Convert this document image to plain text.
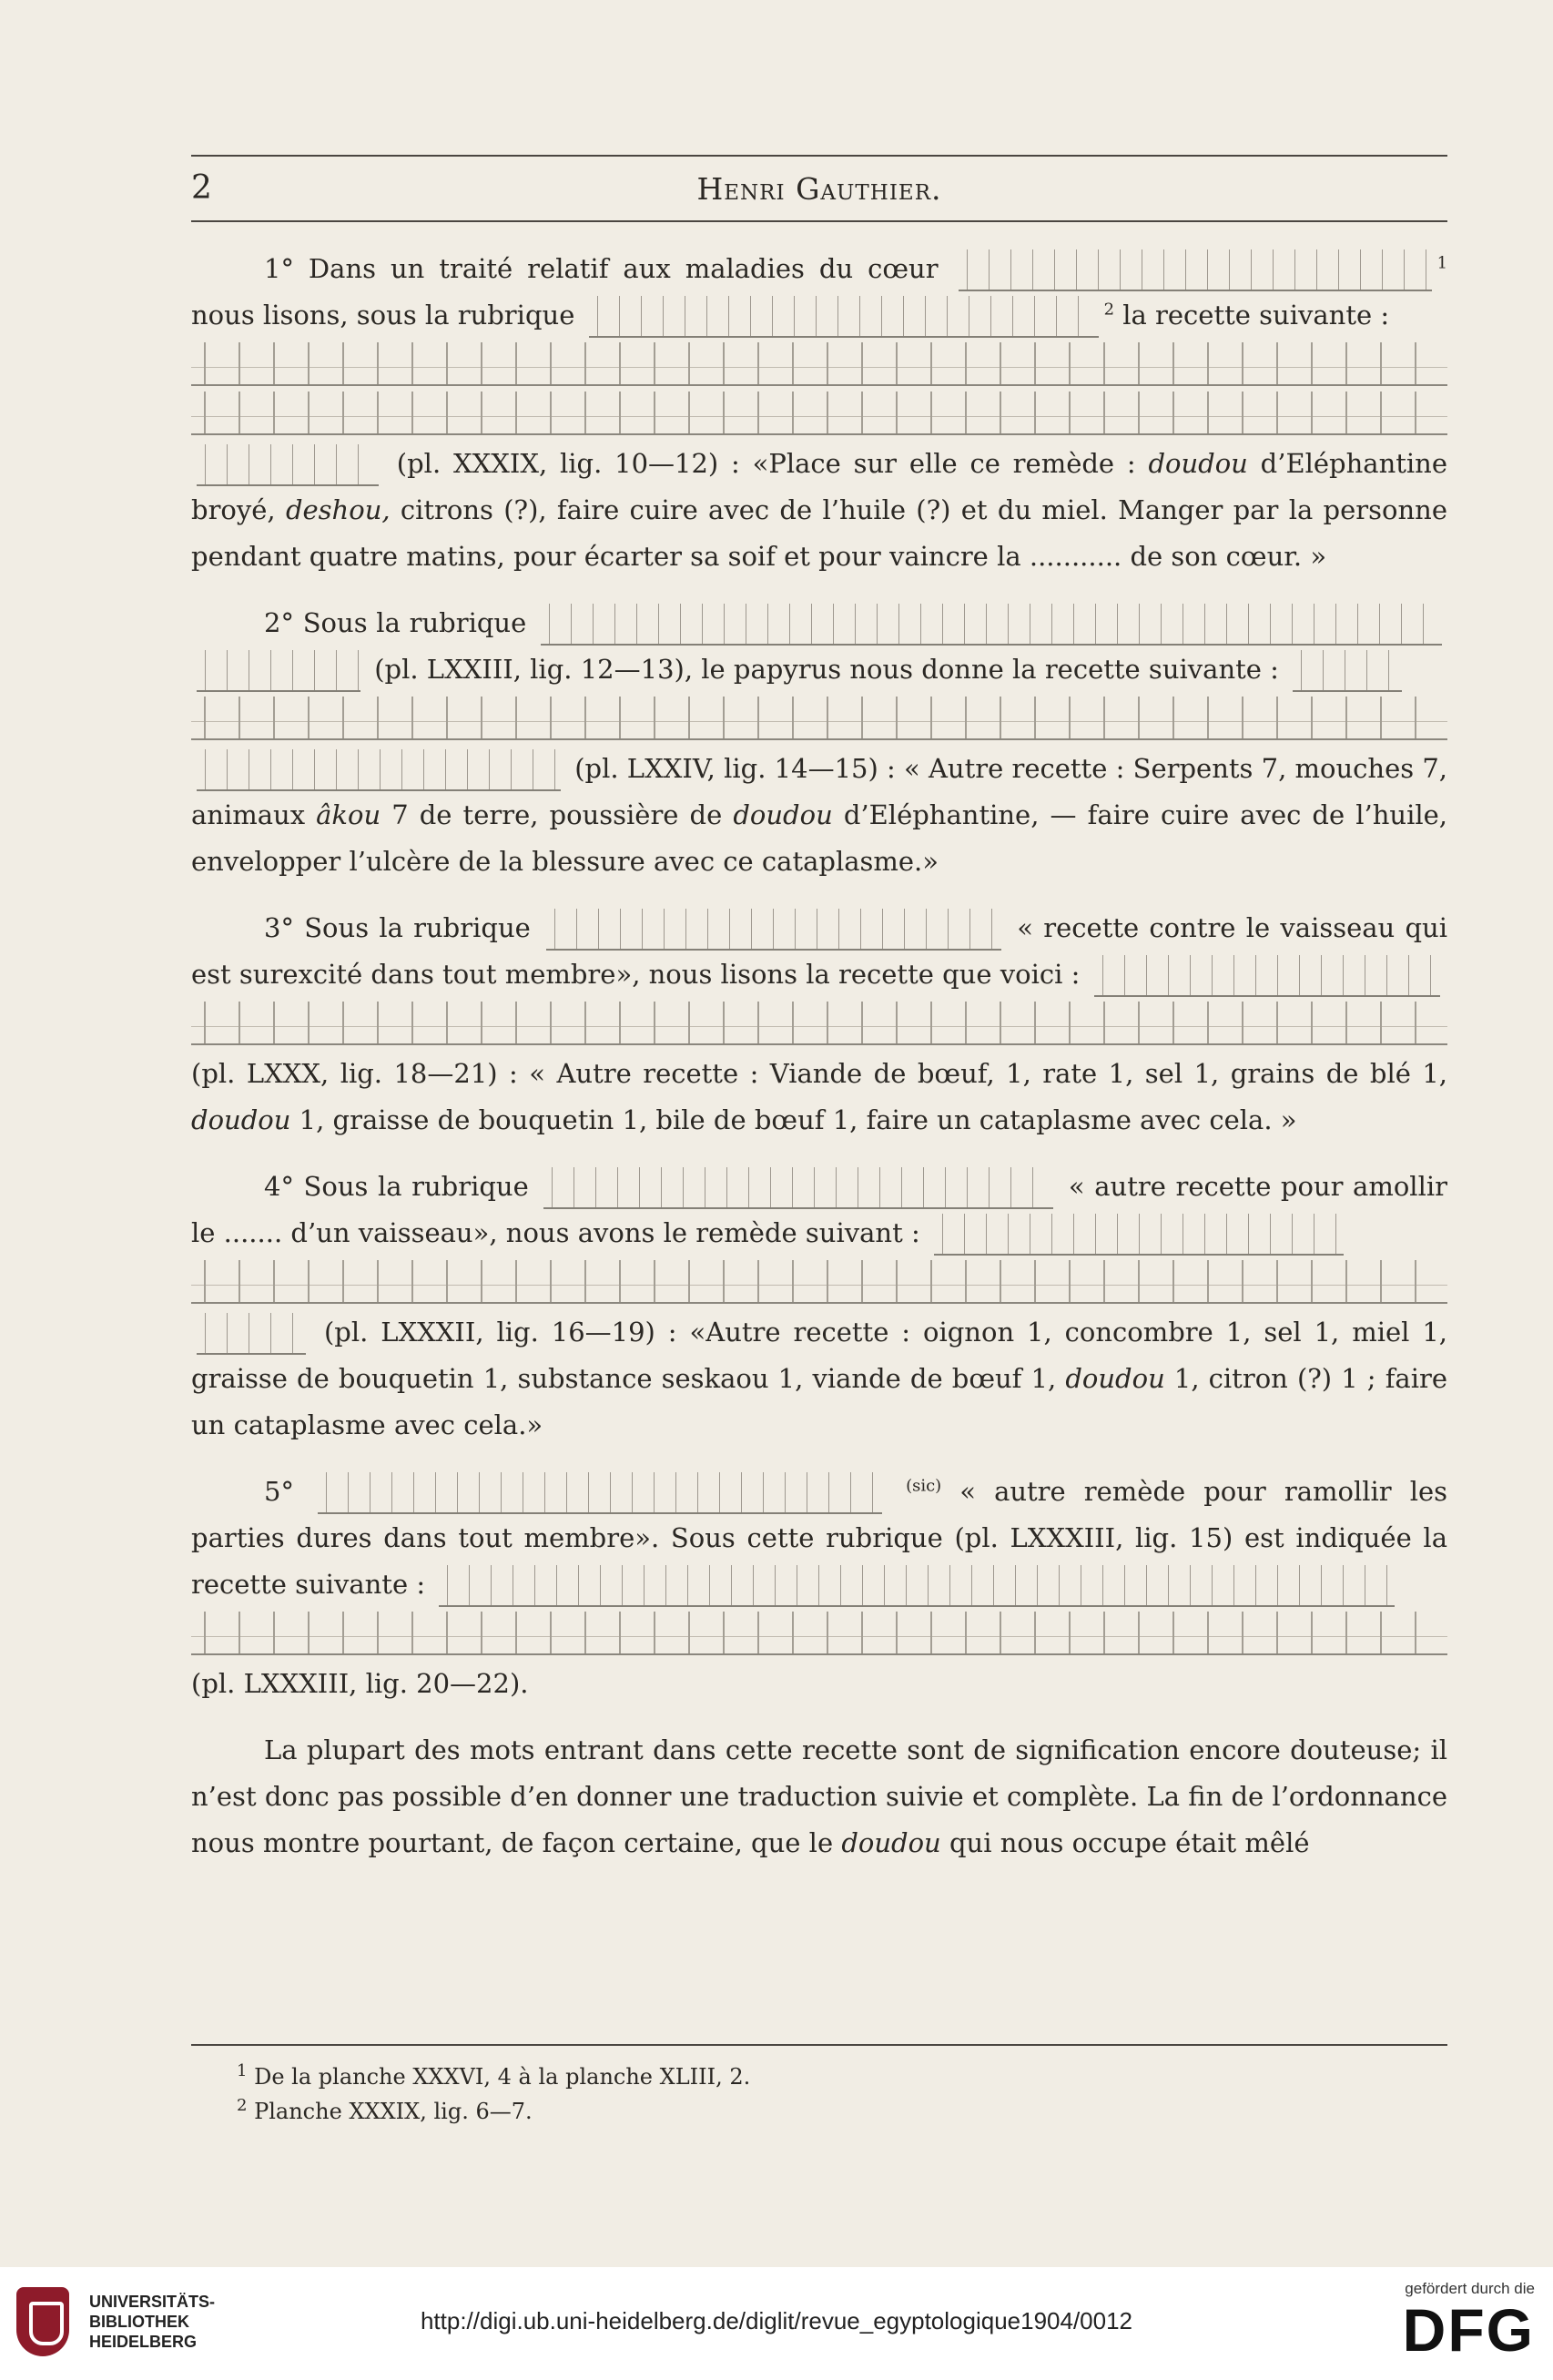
2	Henri Gauthier.

1° Dans un traité relatif aux maladies du cœur	$^1$ nous lisons, sous la rubrique	$^2$ la recette suivante :
(pl. XXXIX, lig. 10—12) : «Place sur elle ce remède : doudou d’Eléphantine broyé, deshou, citrons (?), faire cuire avec de l’huile (?) et du miel. Manger par la personne pendant quatre matins, pour écarter sa soif et pour vaincre la ........... de son cœur. »

2° Sous la rubrique   (pl. LXXIII, lig. 12—13), le papyrus nous donne la recette suivante :
(pl. LXXIV, lig. 14—15) : « Autre recette : Serpents 7, mouches 7, animaux âkou 7 de terre, poussière de doudou d’Eléphantine, — faire cuire avec de l’huile, envelopper l’ulcère de la blessure avec ce cataplasme.»

3° Sous la rubrique	« recette contre le vaisseau qui est surexcité dans tout membre», nous lisons la recette que voici :
(pl. LXXX, lig. 18—21) : « Autre recette : Viande de bœuf, 1, rate 1, sel 1, grains de blé 1, doudou 1, graisse de bouquetin 1, bile de bœuf 1, faire un cataplasme avec cela. »

4° Sous la rubrique	« autre recette pour amollir le ....... d’un vaisseau», nous avons le remède suivant :
(pl. LXXXII, lig. 16—19) : «Autre recette : oignon 1, concombre 1, sel 1, miel 1, graisse de bouquetin 1, substance seskaou 1, viande de bœuf 1, doudou 1, citron (?) 1 ; faire un cataplasme avec cela.»

5°	$^{(sic)}$ « autre remède pour ramollir les parties dures dans tout membre». Sous cette rubrique (pl. LXXXIII, lig. 15) est indiquée la recette suivante :
(pl. LXXXIII, lig. 20—22).

La plupart des mots entrant dans cette recette sont de signification encore douteuse; il n’est donc pas possible d’en donner une traduction suivie et complète. La fin de l’ordonnance nous montre pourtant, de façon certaine, que le doudou qui nous occupe était mêlé

$^1$ De la planche XXXVI, 4 à la planche XLIII, 2.
$^2$ Planche XXXIX, lig. 6—7.
UNIVERSITÄTS-
BIBLIOTHEK
HEIDELBERG
http://digi.ub.uni-heidelberg.de/diglit/revue_egyptologique1904/0012
gefördert durch die
DFG
